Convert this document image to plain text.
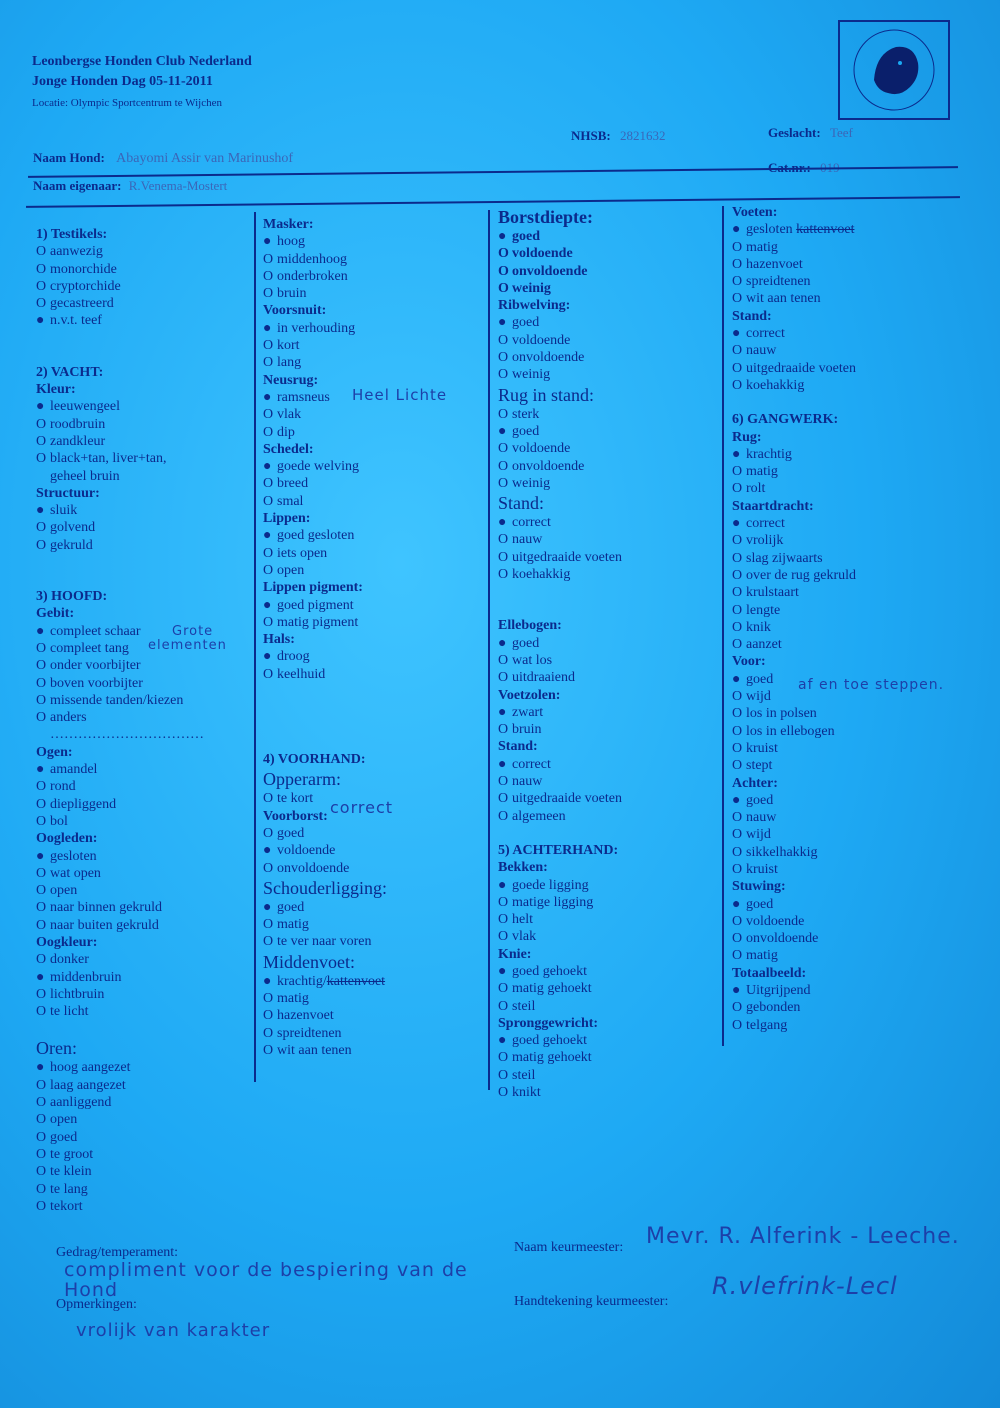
Leonbergse Honden Club Nederland
Jonge Honden Dag 05-11-2011
Locatie: Olympic Sportcentrum te Wijchen
Naam Hond: Abayomi Assir van Marinushof
NHSB: 2821632	Geslacht: Teef
Naam eigenaar: R.Venema-Mostert
1) Testikels:
O aanwezig
O monorchide
O cryptorchide
O gecastreerd
● n.v.t. teef
2) VACHT:
Kleur:
● leeuwengeel
O roodbruin
O zandkleur
O black+tan, liver+tan,
geheel bruin
Structuur:
● sluik
O golvend
O gekruld
3) HOOFD:
Gebit:
● compleet schaar
O compleet tang
O onder voorbijter
O boven voorbijter
O missende tanden/kiezen
O anders
……………………………
Ogen:
● amandel
O rond
O diepliggend
O bol
Oogleden:
● gesloten
O wat open
O open
O naar binnen gekruld
O naar buiten gekruld
Oogkleur:
O donker
● middenbruin
O lichtbruin
O te licht
Oren:
● hoog aangezet
O laag aangezet
O aanliggend
O open
O goed
O te groot
O te klein
O te lang
O tekort
Masker:
● hoog
O middenhoog
O onderbroken
O bruin
Voorsnuit:
● in verhouding
O kort
O lang
Neusrug:
● ramsneus
O vlak
O dip
Schedel:
● goede welving
O breed
O smal
Lippen:
● goed gesloten
O iets open
O open
Lippen pigment:
● goed pigment
O matig pigment
Hals:
● droog
O keelhuid
4) VOORHAND:
Opperarm:
O te kort
Voorborst:
O goed
● voldoende
O onvoldoende
Schouderligging:
● goed
O matig
O te ver naar voren
Middenvoet:
● krachtig/kattenvoet
O matig
O hazenvoet
O spreidtenen
O wit aan tenen
Borstdiepte:
● goed
O voldoende
O onvoldoende
O weinig
Ribwelving:
● goed
O voldoende
O onvoldoende
O weinig
Rug in stand:
O sterk
● goed
O voldoende
O onvoldoende
O weinig
Stand:
● correct
O nauw
O uitgedraaide voeten
O koehakkig
Ellebogen:
● goed
O wat los
O uitdraaiend
Voetzolen:
● zwart
O bruin
Stand:
● correct
O nauw
O uitgedraaide voeten
O algemeen
5) ACHTERHAND:
Bekken:
● goede ligging
O matige ligging
O helt
O vlak
Knie:
● goed gehoekt
O matig gehoekt
O steil
Spronggewricht:
● goed gehoekt
O matig gehoekt
O steil
O knikt
Voeten:
● gesloten kattenvoet
O matig
O hazenvoet
O spreidtenen
O wit aan tenen
Stand:
● correct
O nauw
O uitgedraaide voeten
O koehakkig
6) GANGWERK:
Rug:
● krachtig
O matig
O rolt
Staartdracht:
● correct
O vrolijk
O slag zijwaarts
O over de rug gekruld
O krulstaart
O lengte
O knik
O aanzet
Voor:
● goed
O wijd
O los in polsen
O los in ellebogen
O kruist
O stept
Achter:
● goed
O nauw
O wijd
O sikkelhakkig
O kruist
Stuwing:
● goed
O voldoende
O onvoldoende
O matig
Totaalbeeld:
● Uitgrijpend
O gebonden
O telgang
Heel Lichte
Grote
elementen
correct
af en toe steppen.
Gedrag/temperament:
compliment voor de bespiering van de Hond
Opmerkingen:
vrolijk van karakter
Naam keurmeester: Mevr. R. Alferink - Leeche.
Handtekening keurmeester:
R.vlefrink-Lecl
